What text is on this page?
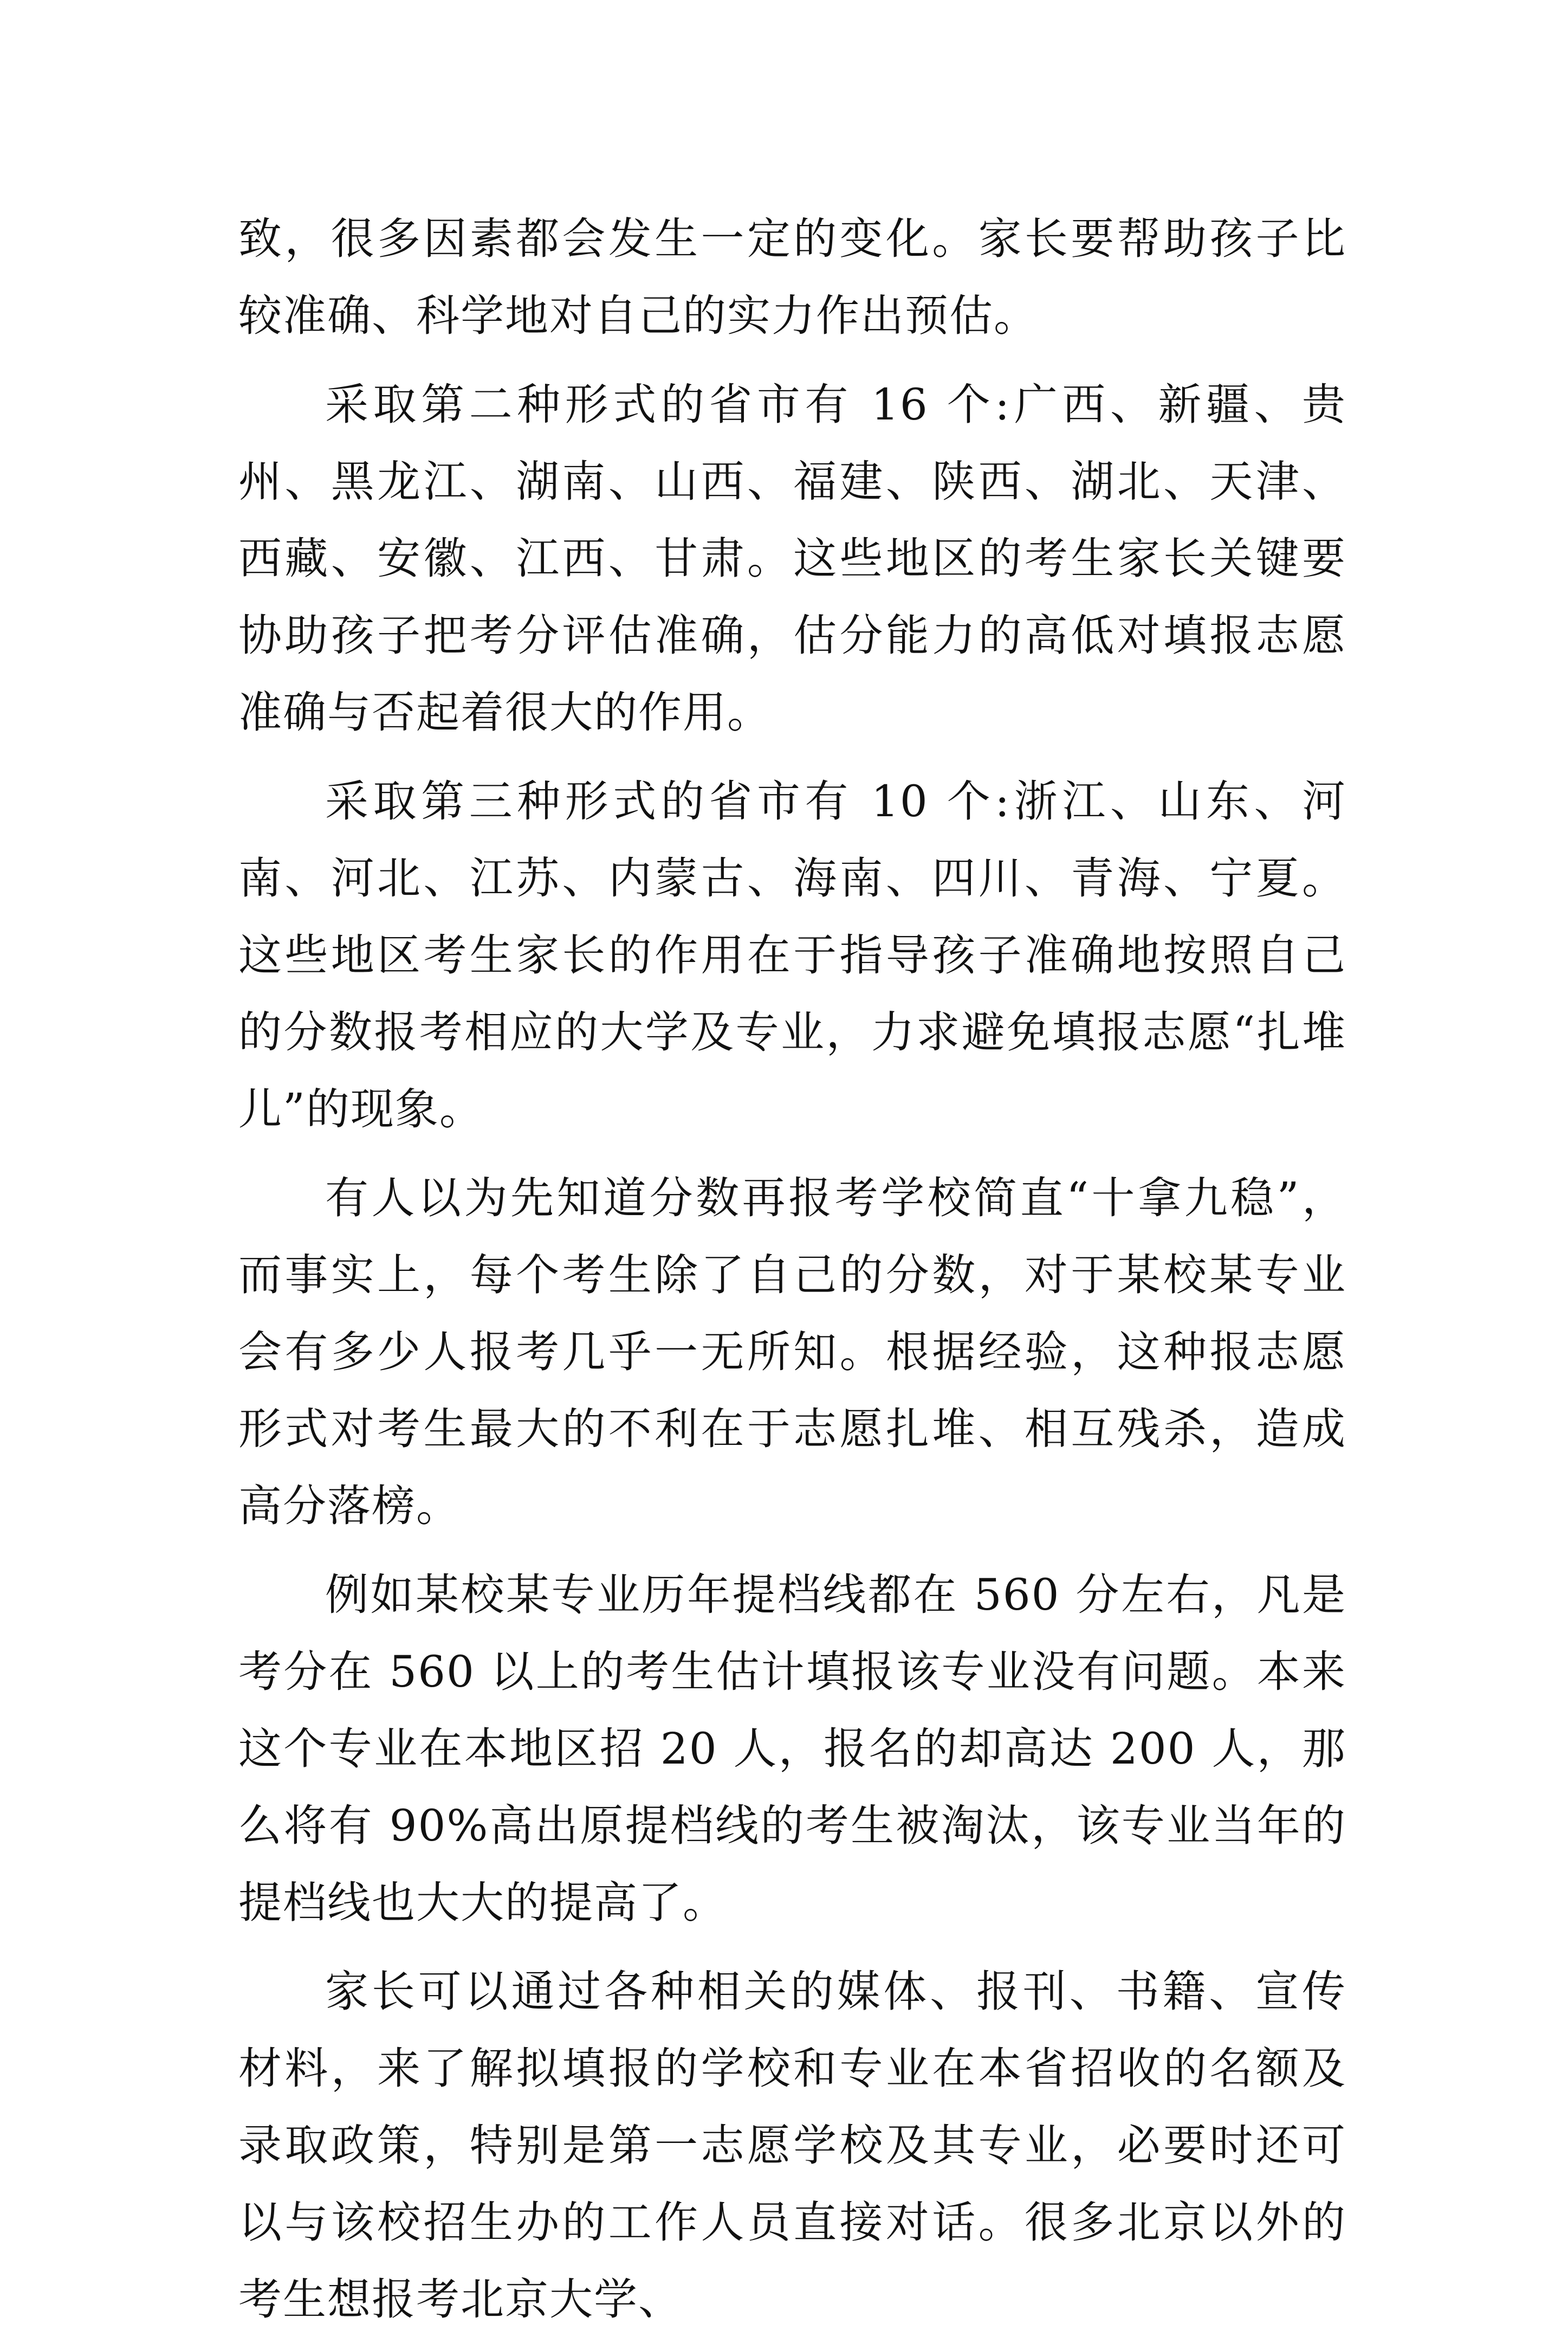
致，很多因素都会发生一定的变化。家长要帮助孩子比较准确、科学地对自己的实力作出预估。

采取第二种形式的省市有 16 个:广西、新疆、贵州、黑龙江、湖南、山西、福建、陕西、湖北、天津、西藏、安徽、江西、甘肃。这些地区的考生家长关键要协助孩子把考分评估准确，估分能力的高低对填报志愿准确与否起着很大的作用。

采取第三种形式的省市有 10 个:浙江、山东、河南、河北、江苏、内蒙古、海南、四川、青海、宁夏。这些地区考生家长的作用在于指导孩子准确地按照自己的分数报考相应的大学及专业，力求避免填报志愿“扎堆儿”的现象。

有人以为先知道分数再报考学校简直“十拿九稳”，而事实上，每个考生除了自己的分数，对于某校某专业会有多少人报考几乎一无所知。根据经验，这种报志愿形式对考生最大的不利在于志愿扎堆、相互残杀，造成高分落榜。

例如某校某专业历年提档线都在 560 分左右，凡是考分在 560 以上的考生估计填报该专业没有问题。本来这个专业在本地区招 20 人，报名的却高达 200 人，那么将有 90%高出原提档线的考生被淘汰，该专业当年的提档线也大大的提高了。

家长可以通过各种相关的媒体、报刊、书籍、宣传材料，来了解拟填报的学校和专业在本省招收的名额及录取政策，特别是第一志愿学校及其专业，必要时还可以与该校招生办的工作人员直接对话。很多北京以外的考生想报考北京大学、
